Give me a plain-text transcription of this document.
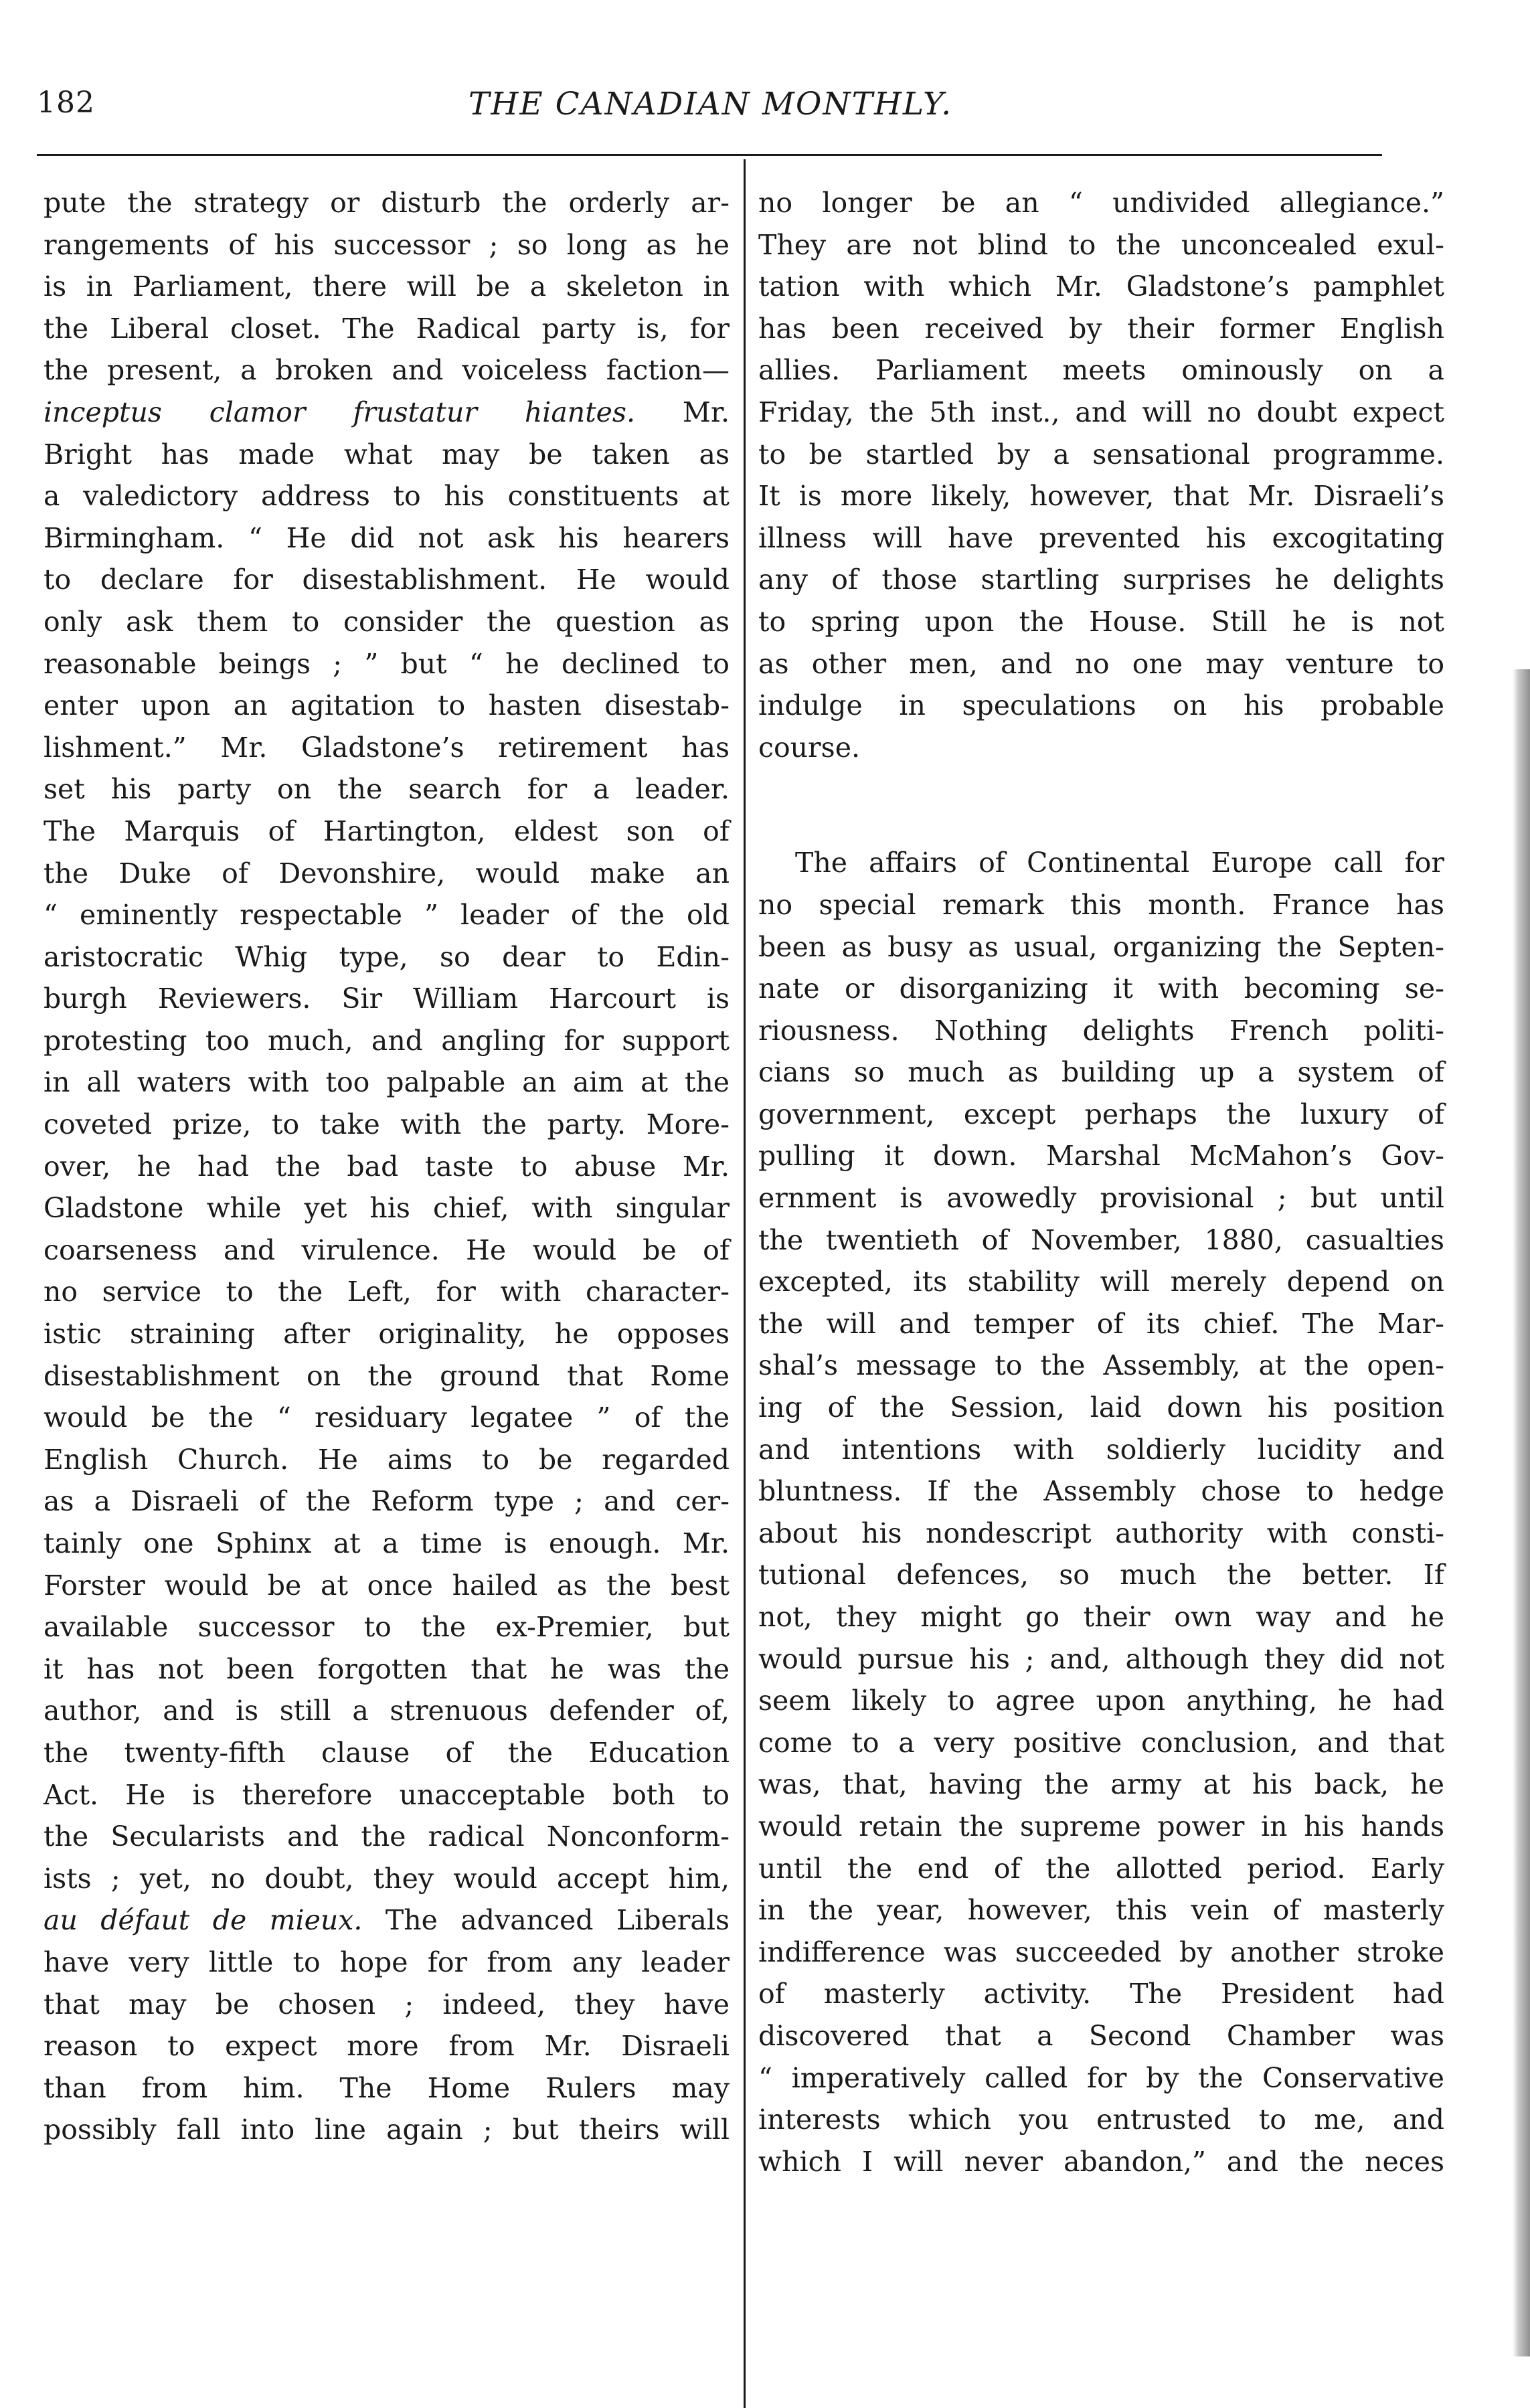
182	THE CANADIAN MONTHLY.
pute the strategy or disturb the orderly ar-
rangements of his successor ; so long as he
is in Parliament, there will be a skeleton in
the Liberal closet. The Radical party is, for
the present, a broken and voiceless faction—
inceptus clamor frustatur hiantes. Mr.
Bright has made what may be taken as
a valedictory address to his constituents at
Birmingham. “ He did not ask his hearers
to declare for disestablishment. He would
only ask them to consider the question as
reasonable beings ; ” but “ he declined to
enter upon an agitation to hasten disestab-
lishment.” Mr. Gladstone’s retirement has
set his party on the search for a leader.
The Marquis of Hartington, eldest son of
the Duke of Devonshire, would make an
“ eminently respectable ” leader of the old
aristocratic Whig type, so dear to Edin-
burgh Reviewers. Sir William Harcourt is
protesting too much, and angling for support
in all waters with too palpable an aim at the
coveted prize, to take with the party. More-
over, he had the bad taste to abuse Mr.
Gladstone while yet his chief, with singular
coarseness and virulence. He would be of
no service to the Left, for with character-
istic straining after originality, he opposes
disestablishment on the ground that Rome
would be the “ residuary legatee ” of the
English Church. He aims to be regarded
as a Disraeli of the Reform type ; and cer-
tainly one Sphinx at a time is enough. Mr.
Forster would be at once hailed as the best
available successor to the ex-Premier, but
it has not been forgotten that he was the
author, and is still a strenuous defender of,
the twenty-fifth clause of the Education
Act. He is therefore unacceptable both to
the Secularists and the radical Nonconform-
ists ; yet, no doubt, they would accept him,
au défaut de mieux. The advanced Liberals
have very little to hope for from any leader
that may be chosen ; indeed, they have
reason to expect more from Mr. Disraeli
than from him. The Home Rulers may
possibly fall into line again ; but theirs will
no longer be an “ undivided allegiance.”
They are not blind to the unconcealed exul-
tation with which Mr. Gladstone’s pamphlet
has been received by their former English
allies. Parliament meets ominously on a
Friday, the 5th inst., and will no doubt expect
to be startled by a sensational programme.
It is more likely, however, that Mr. Disraeli’s
illness will have prevented his excogitating
any of those startling surprises he delights
to spring upon the House. Still he is not
as other men, and no one may venture to
indulge in speculations on his probable
course.
The affairs of Continental Europe call for
no special remark this month. France has
been as busy as usual, organizing the Septen-
nate or disorganizing it with becoming se-
riousness. Nothing delights French politi-
cians so much as building up a system of
government, except perhaps the luxury of
pulling it down. Marshal McMahon’s Gov-
ernment is avowedly provisional ; but until
the twentieth of November, 1880, casualties
excepted, its stability will merely depend on
the will and temper of its chief. The Mar-
shal’s message to the Assembly, at the open-
ing of the Session, laid down his position
and intentions with soldierly lucidity and
bluntness. If the Assembly chose to hedge
about his nondescript authority with consti-
tutional defences, so much the better. If
not, they might go their own way and he
would pursue his ; and, although they did not
seem likely to agree upon anything, he had
come to a very positive conclusion, and that
was, that, having the army at his back, he
would retain the supreme power in his hands
until the end of the allotted period. Early
in the year, however, this vein of masterly
indifference was succeeded by another stroke
of masterly activity. The President had
discovered that a Second Chamber was
“ imperatively called for by the Conservative
interests which you entrusted to me, and
which I will never abandon,” and the neces
